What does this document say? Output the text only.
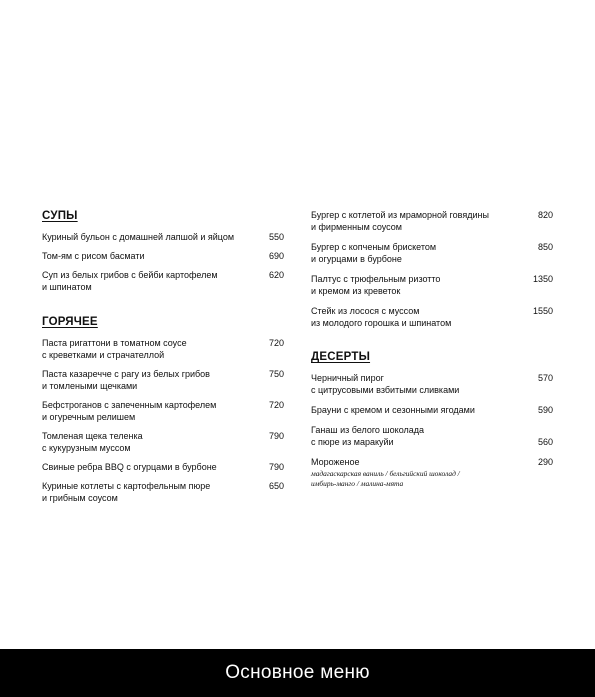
СУПЫ
Куриный бульон с домашней лапшой и яйцом	550
Том-ям с рисом басмати	690
Суп из белых грибов с бейби картофелем
и шпинатом
620
ГОРЯЧЕЕ
Паста ригаттони в томатном соусе
с креветками и страчателлой
720
Паста казаречче с рагу из белых грибов
и томлеными щечками
750
Бефстроганов с запеченным картофелем
и огуречным релишем
720
Томленая щека теленка
с кукурузным муссом
790
Свиные ребра BBQ с огурцами в бурбоне	790
Куриные котлеты с картофельным пюре
и грибным соусом
650
Бургер с котлетой из мраморной говядины
и фирменным соусом
820
Бургер с копченым брискетом
и огурцами в бурбоне
850
Палтус с трюфельным ризотто
и кремом из креветок
1350
Стейк из лосося с муссом
из молодого горошка и шпинатом
1550
ДЕСЕРТЫ
Черничный пирог
с цитрусовыми взбитыми сливками
570
Брауни с кремом и сезонными ягодами	590
Ганаш из белого шоколада
с пюре из маракуйи	560
Мороженое
мадагаскарская ваниль / бельгийский шоколад /
имбирь-манго / малина-мята
290
Основное меню
